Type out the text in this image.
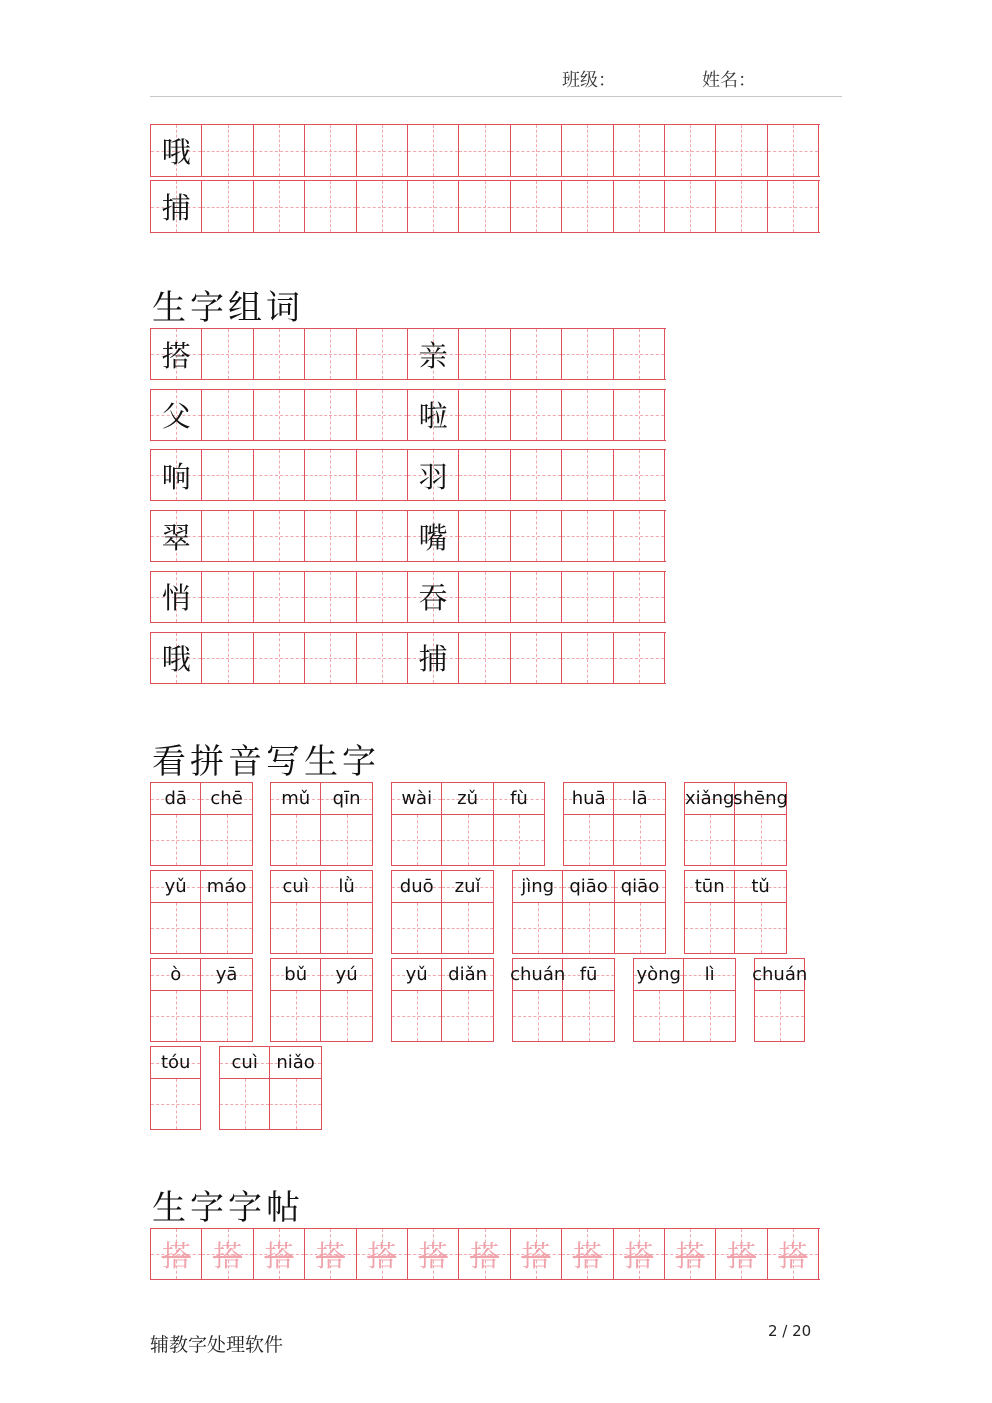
班级：	姓名：
哦
捕
生字组词
搭	亲
父	啦
响	羽
翠	嘴
悄	吞
哦	捕
看拼音写生字
dā chē mǔ qīn wài zǔ fù huā lā xiǎng
shēng
yǔ máo cuì lǜ duō zuǐ jìng qiāo qiāo tūn tǔ
ò yā	bǔ yú	yǔ diǎn chuán fū yòng lì chuán
tóu cuì niǎo
生字字帖
搭 搭 搭 搭 搭 搭 搭 搭 搭 搭 搭 搭 搭
辅教字处理软件
2 / 20
